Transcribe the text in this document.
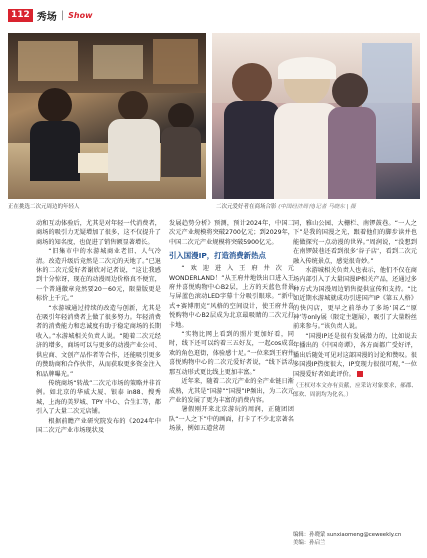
112 秀场 | Show
正在挑选二次元周边的年轻人	二次元爱好者在商场合影 (中国经济周刊)记者 马晓东 | 摄

动和互动体验后，尤其是对年轻一代消费者，商场的吸引力无疑增加了很多，这不仅提升了商场的知名度，也促进了销售额显著增长。

“旧集市中的水游城商业老旧、人气冷清。改造升级后竟然是二次元的天地了。”已退休的二次元爱好者谢欣对记者说，“这让我感到十分惊讶，现在的动漫周边价格真不便宜，一个普通徽章竟然要20－60元，限量版更是标价上千元。”

“水游城通过持续的改造与创新，尤其是在吸引年轻消费者上做了很多努力。年轻消费者的消费能力和忠诚度有助于稳定商场的长期收入。”水游城相关负责人说。“随着二次元经济的增多，商场可以与更多的动漫产业公司、供应商、文创产品作者等合作，还能吸引更多的赞助商和合作伙伴，从而获取更多资金注入和品牌曝光。”

传统商场“转战”二次元市场的策略并非首例。如北京的华威大厦、银泰 in88、搜秀城，上海的美罗城、TPY 中心、合生汇等，都引入了大量二次元店铺。

根据前瞻产业研究院发布的《2024年中国二次元产业市场现状及

发展趋势分析》预测，预计2024年，中国二次元产业规模将突破2700亿元；到2029年，中国二次元产业规模将突破5900亿元。

引入国漫IP，打造消费新热点

“欢迎进入王府井次元WONDERLAND！”从王府井地铁出口进入王府井喜悦购物中心B2层，上方的天蓝色背景与屏蓝色滚动LED字幕十分吸引眼球。“新中式+赛博朋克”风格的空间设计，使王府井喜悦购物中心B2层成为北京最吸睛的二次元打卡地。

“实物比网上看到的照片更加好看，同时，线下还可以约着三五好友，一起cos成喜欢的角色逛街，体验感十足。”一位来到王府井喜悦购物中心的二次元爱好者说，“线下活动那互动形式更比线上更加丰富。”

近年来，随着二次元产业的全产业链日渐成熟，尤其是“国游”“国漫”IP频出，为二次元产业的发展了更为丰富的消费内容。

暑假刚开来北京游玩的周润，正随团团队“一人之下”中的画面，打卡了不少北京著名场景，例如五道营胡

同，雅山公园、大栅栏、南锣鼓巷。“一人之下”是我的国漫之光，跟着他们的脚步读并也能做探究一点动漫的世界。”周润说，“没想到在南锣鼓巷还看到很多‘谷子店’，看到二次元融入传统景点，感觉很奇妙。”

水游城相关负责人也表示，他们不仅在商场内部引入了大量国漫IP相关产品，还通过多种方式为国漫周边销售提供宣传和支持。“比如近期水游城就成功引进国产IP《第五人格》的快闪店，更早之前举办了多场‘国乙’‘原神’等only展（限定主题展），吸引了大量粉丝前来参与。”该负责人说。

“国漫IP还是很有发展潜力的，比如说去年播出的《中国奇谭》，各方面都广受好评，播出后随处可见对这部国漫的讨论和赞叹。很多国漫IP热度很大，IP变现力很很可观，”一位国漫爱好者如此评价。

（王权对本文亦有贡献，应采访对象要求，郝郡、郎欢、周润均为化名。）

编辑：孙晓蒙 sunxiaomeng@ceweekly.cn
美编：孙启兰
